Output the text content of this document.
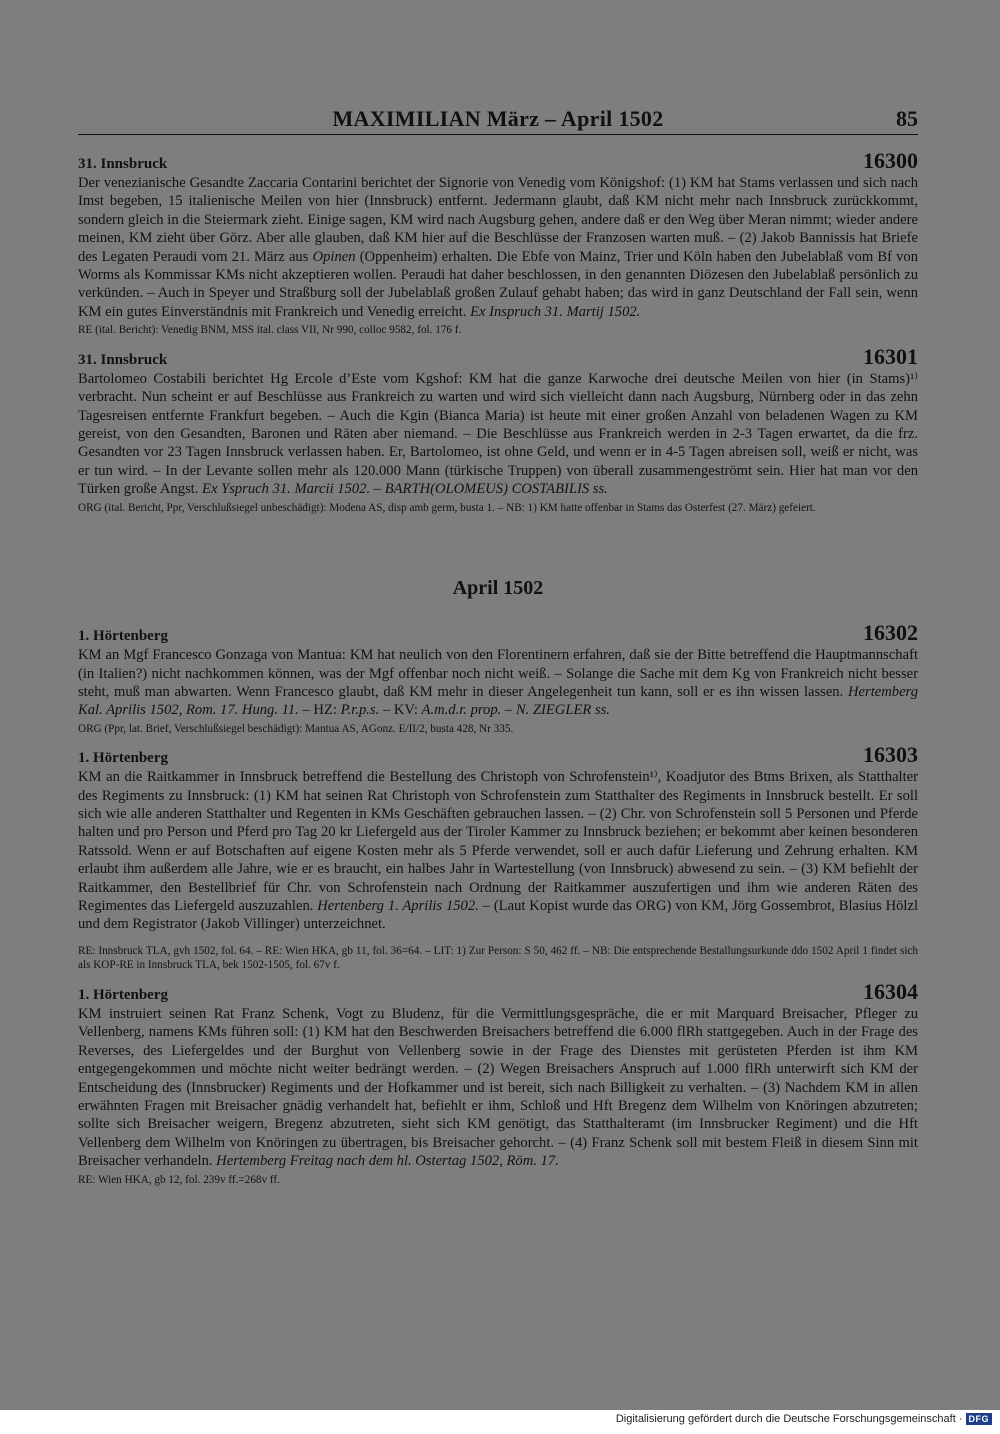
MAXIMILIAN März – April 1502	85
31. Innsbruck	16300

Der venezianische Gesandte Zaccaria Contarini berichtet der Signorie von Venedig vom Königshof: (1) KM hat Stams verlassen und sich nach Imst begeben, 15 italienische Meilen von hier (Innsbruck) entfernt. Jedermann glaubt, daß KM nicht mehr nach Innsbruck zurückkommt, sondern gleich in die Steiermark zieht. Einige sagen, KM wird nach Augsburg gehen, andere daß er den Weg über Meran nimmt; wieder andere meinen, KM zieht über Görz. Aber alle glauben, daß KM hier auf die Beschlüsse der Franzosen warten muß. – (2) Jakob Bannissis hat Briefe des Legaten Peraudi vom 21. März aus Opinen (Oppenheim) erhalten. Die Ebfe von Mainz, Trier und Köln haben den Jubelablaß vom Bf von Worms als Kommissar KMs nicht akzeptieren wollen. Peraudi hat daher beschlossen, in den genannten Diözesen den Jubelablaß persönlich zu verkünden. – Auch in Speyer und Straßburg soll der Jubelablaß großen Zulauf gehabt haben; das wird in ganz Deutschland der Fall sein, wenn KM ein gutes Einverständnis mit Frankreich und Venedig erreicht. Ex Inspruch 31. Martij 1502.

RE (ital. Bericht): Venedig BNM, MSS ital. class VII, Nr 990, colloc 9582, fol. 176 f.

31. Innsbruck	16301

Bartolomeo Costabili berichtet Hg Ercole d’Este vom Kgshof: KM hat die ganze Karwoche drei deutsche Meilen von hier (in Stams)¹⁾ verbracht. Nun scheint er auf Beschlüsse aus Frankreich zu warten und wird sich vielleicht dann nach Augsburg, Nürnberg oder in das zehn Tagesreisen entfernte Frankfurt begeben. – Auch die Kgin (Bianca Maria) ist heute mit einer großen Anzahl von beladenen Wagen zu KM gereist, von den Gesandten, Baronen und Räten aber niemand. – Die Beschlüsse aus Frankreich werden in 2-3 Tagen erwartet, da die frz. Gesandten vor 23 Tagen Innsbruck verlassen haben. Er, Bartolomeo, ist ohne Geld, und wenn er in 4-5 Tagen abreisen soll, weiß er nicht, was er tun wird. – In der Levante sollen mehr als 120.000 Mann (türkische Truppen) von überall zusammengeströmt sein. Hier hat man vor den Türken große Angst. Ex Yspruch 31. Marcii 1502. – BARTH(OLOMEUS) COSTABILIS ss.

ORG (ital. Bericht, Ppr, Verschlußsiegel unbeschädigt): Modena AS, disp amb germ, busta 1. – NB: 1) KM hatte offenbar in Stams das Osterfest (27. März) gefeiert.

April 1502
1. Hörtenberg	16302

KM an Mgf Francesco Gonzaga von Mantua: KM hat neulich von den Florentinern erfahren, daß sie der Bitte betreffend die Hauptmannschaft (in Italien?) nicht nachkommen können, was der Mgf offenbar noch nicht weiß. – Solange die Sache mit dem Kg von Frankreich nicht besser steht, muß man abwarten. Wenn Francesco glaubt, daß KM mehr in dieser Angelegenheit tun kann, soll er es ihn wissen lassen. Hertemberg Kal. Aprilis 1502, Rom. 17. Hung. 11. – HZ: P.r.p.s. – KV: A.m.d.r. prop. – N. ZIEGLER ss.

ORG (Ppr, lat. Brief, Verschlußsiegel beschädigt): Mantua AS, AGonz. E/II/2, busta 428, Nr 335.

1. Hörtenberg	16303

KM an die Raitkammer in Innsbruck betreffend die Bestellung des Christoph von Schrofenstein¹⁾, Koadjutor des Btms Brixen, als Statthalter des Regiments zu Innsbruck: (1) KM hat seinen Rat Christoph von Schrofenstein zum Statthalter des Regiments in Innsbruck bestellt. Er soll sich wie alle anderen Statthalter und Regenten in KMs Geschäften gebrauchen lassen. – (2) Chr. von Schrofenstein soll 5 Personen und Pferde halten und pro Person und Pferd pro Tag 20 kr Liefergeld aus der Tiroler Kammer zu Innsbruck beziehen; er bekommt aber keinen besonderen Ratssold. Wenn er auf Botschaften auf eigene Kosten mehr als 5 Pferde verwendet, soll er auch dafür Lieferung und Zehrung erhalten. KM erlaubt ihm außerdem alle Jahre, wie er es braucht, ein halbes Jahr in Wartestellung (von Innsbruck) abwesend zu sein. – (3) KM befiehlt der Raitkammer, den Bestellbrief für Chr. von Schrofenstein nach Ordnung der Raitkammer auszufertigen und ihm wie anderen Räten des Regimentes das Liefergeld auszuzahlen. Hertenberg 1. Aprilis 1502. – (Laut Kopist wurde das ORG) von KM, Jörg Gossembrot, Blasius Hölzl und dem Registrator (Jakob Villinger) unterzeichnet.

RE: Innsbruck TLA, gvh 1502, fol. 64. – RE: Wien HKA, gb 11, fol. 36=64. – LIT: 1) Zur Person: S 50, 462 ff. – NB: Die entsprechende Bestallungsurkunde ddo 1502 April 1 findet sich als KOP-RE in Innsbruck TLA, bek 1502-1505, fol. 67v f.

1. Hörtenberg	16304

KM instruiert seinen Rat Franz Schenk, Vogt zu Bludenz, für die Vermittlungsgespräche, die er mit Marquard Breisacher, Pfleger zu Vellenberg, namens KMs führen soll: (1) KM hat den Beschwerden Breisachers betreffend die 6.000 flRh stattgegeben. Auch in der Frage des Reverses, des Liefergeldes und der Burghut von Vellenberg sowie in der Frage des Dienstes mit gerüsteten Pferden ist ihm KM entgegengekommen und möchte nicht weiter bedrängt werden. – (2) Wegen Breisachers Anspruch auf 1.000 flRh unterwirft sich KM der Entscheidung des (Innsbrucker) Regiments und der Hofkammer und ist bereit, sich nach Billigkeit zu verhalten. – (3) Nachdem KM in allen erwähnten Fragen mit Breisacher gnädig verhandelt hat, befiehlt er ihm, Schloß und Hft Bregenz dem Wilhelm von Knöringen abzutreten; sollte sich Breisacher weigern, Bregenz abzutreten, sieht sich KM genötigt, das Statthalteramt (im Innsbrucker Regiment) und die Hft Vellenberg dem Wilhelm von Knöringen zu übertragen, bis Breisacher gehorcht. – (4) Franz Schenk soll mit bestem Fleiß in diesem Sinn mit Breisacher verhandeln. Hertemberg Freitag nach dem hl. Ostertag 1502, Röm. 17.

RE: Wien HKA, gb 12, fol. 239v ff.=268v ff.

Digitalisierung gefördert durch die Deutsche Forschungsgemeinschaft · DFG
